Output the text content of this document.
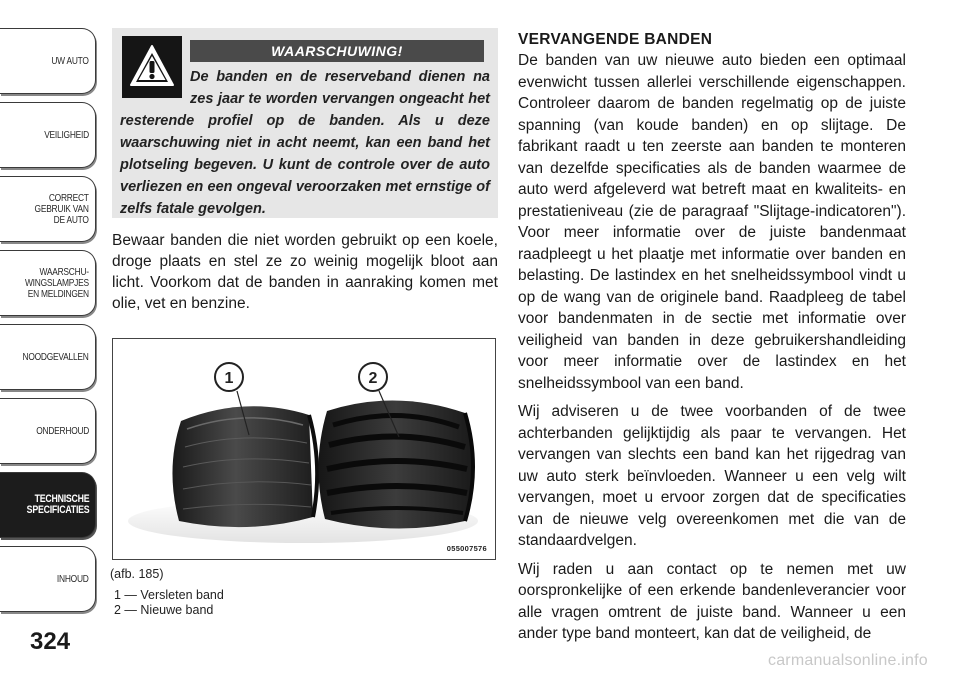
UW AUTO
VEILIGHEID
CORRECT
GEBRUIK VAN
DE AUTO
WAARSCHU-
WINGSLAMPJES
EN MELDINGEN
NOODGEVALLEN
ONDERHOUD
TECHNISCHE
SPECIFICATIES
INHOUD
324
WAARSCHUWING!
De banden en de reserveband dienen na zes jaar te worden vervangen ongeacht het resterende profiel op de banden. Als u deze waarschuwing niet in acht neemt, kan een band het plotseling begeven. U kunt de controle over de auto verliezen en een ongeval veroorzaken met ernstige of zelfs fatale gevolgen.

Bewaar banden die niet worden gebruikt op een koele, droge plaats en stel ze zo weinig mogelijk bloot aan licht. Voorkom dat de banden in aanraking komen met olie, vet en benzine.

1	2
055007576
(afb. 185)
1 — Versleten band
2 — Nieuwe band
VERVANGENDE BANDEN

De banden van uw nieuwe auto bieden een optimaal evenwicht tussen allerlei verschillende eigenschappen. Controleer daarom de banden regelmatig op de juiste spanning (van koude banden) en op slijtage. De fabrikant raadt u ten zeerste aan banden te monteren van dezelfde specificaties als de banden waarmee de auto werd afgeleverd wat betreft maat en kwaliteits- en prestatieniveau (zie de paragraaf "Slijtage-indicatoren"). Voor meer informatie over de juiste bandenmaat raadpleegt u het plaatje met informatie over banden en belasting. De lastindex en het snelheidssymbool vindt u op de wang van de originele band. Raadpleeg de tabel voor bandenmaten in de sectie met informatie over veiligheid van banden in deze gebruikershandleiding voor meer informatie over de lastindex en het snelheidssymbool van een band.

Wij adviseren u de twee voorbanden of de twee achterbanden gelijktijdig als paar te vervangen. Het vervangen van slechts een band kan het rijgedrag van uw auto sterk beïnvloeden. Wanneer u een velg wilt vervangen, moet u ervoor zorgen dat de specificaties van de nieuwe velg overeenkomen met die van de standaardvelgen.

Wij raden u aan contact op te nemen met uw oorspronkelijke of een erkende bandenleverancier voor alle vragen omtrent de juiste band. Wanneer u een ander type band monteert, kan dat de veiligheid, de

carmanualsonline.info
